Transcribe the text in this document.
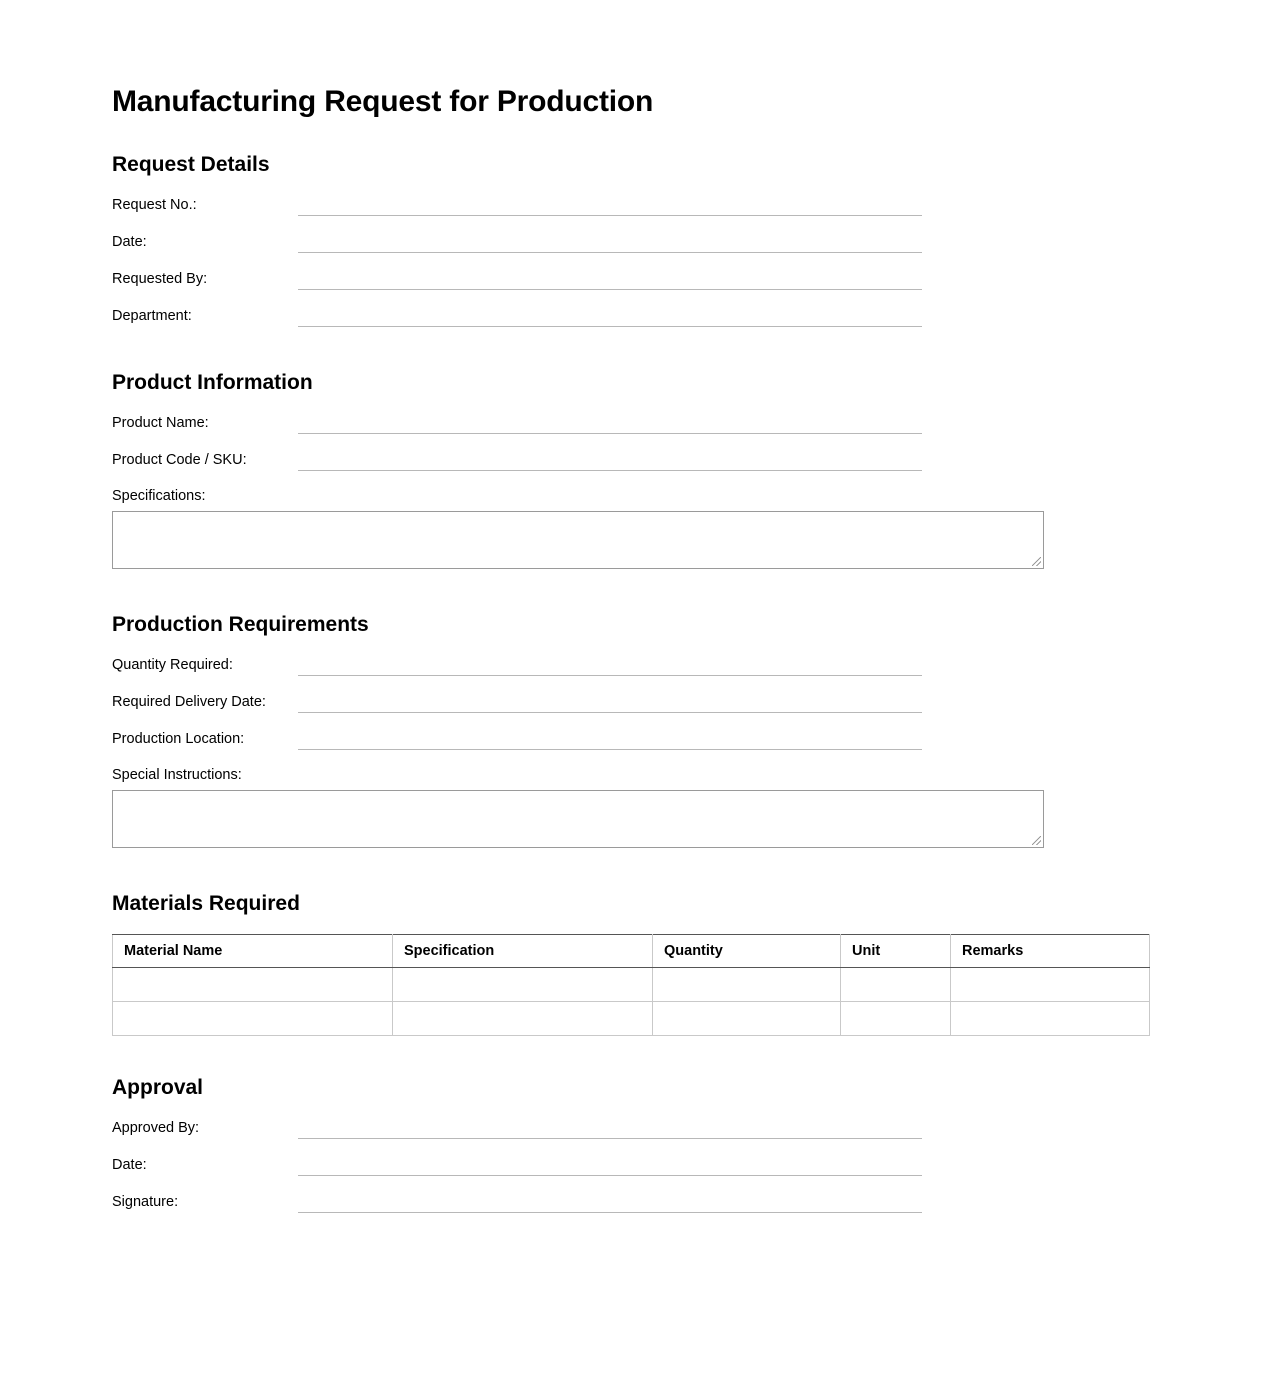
Manufacturing Request for Production
Request Details
Request No.:
Date:
Requested By:
Department:
Product Information
Product Name:
Product Code / SKU:
Specifications:
Production Requirements
Quantity Required:
Required Delivery Date:
Production Location:
Special Instructions:
Materials Required
Material Name	Specification	Quantity	Unit	Remarks

Approval
Approved By:
Date:
Signature:
